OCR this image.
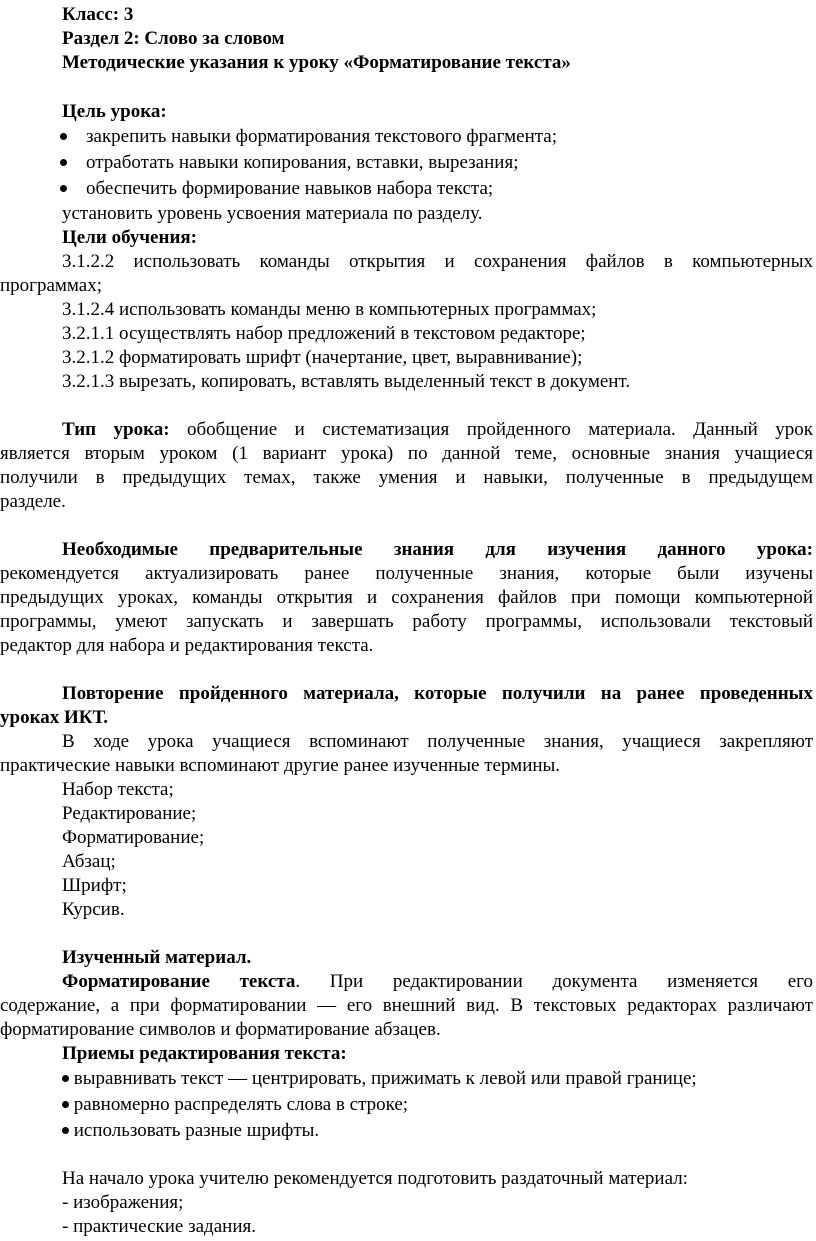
Класс: 3
Раздел 2: Слово за словом
Методические указания к уроку «Форматирование текста»
Цель урока:
закрепить навыки форматирования текстового фрагмента;
отработать навыки копирования, вставки, вырезания;
обеспечить формирование навыков набора текста;
установить уровень усвоения материала по разделу.
Цели обучения:
3.1.2.2 использовать команды открытия и сохранения файлов в компьютерных
программах;
3.1.2.4 использовать команды меню в компьютерных программах;
3.2.1.1 осуществлять набор предложений в текстовом редакторе;
3.2.1.2 форматировать шрифт (начертание, цвет, выравнивание);
3.2.1.3 вырезать, копировать, вставлять выделенный текст в документ.
Тип урока: обобщение и систематизация пройденного материала. Данный урок
является вторым уроком (1 вариант урока) по данной теме, основные знания учащиеся
получили в предыдущих темах, также умения и навыки, полученные в предыдущем
разделе.
Необходимые предварительные знания для изучения данного урока:
рекомендуется актуализировать ранее полученные знания, которые были изучены
предыдущих уроках, команды открытия и сохранения файлов при помощи компьютерной
программы, умеют запускать и завершать работу программы, использовали текстовый
редактор для набора и редактирования текста.
Повторение пройденного материала, которые получили на ранее проведенных
уроках ИКТ.
В ходе урока учащиеся вспоминают полученные знания, учащиеся закрепляют
практические навыки вспоминают другие ранее изученные термины.
Набор текста;
Редактирование;
Форматирование;
Абзац;
Шрифт;
Курсив.
Изученный материал.
Форматирование текста. При редактировании документа изменяется его
содержание, а при форматировании — его внешний вид. В текстовых редакторах различают
форматирование символов и форматирование абзацев.
Приемы редактирования текста:
выравнивать текст — центрировать, прижимать к левой или правой границе;
равномерно распределять слова в строке;
использовать разные шрифты.
На начало урока учителю рекомендуется подготовить раздаточный материал:
- изображения;
- практические задания.
